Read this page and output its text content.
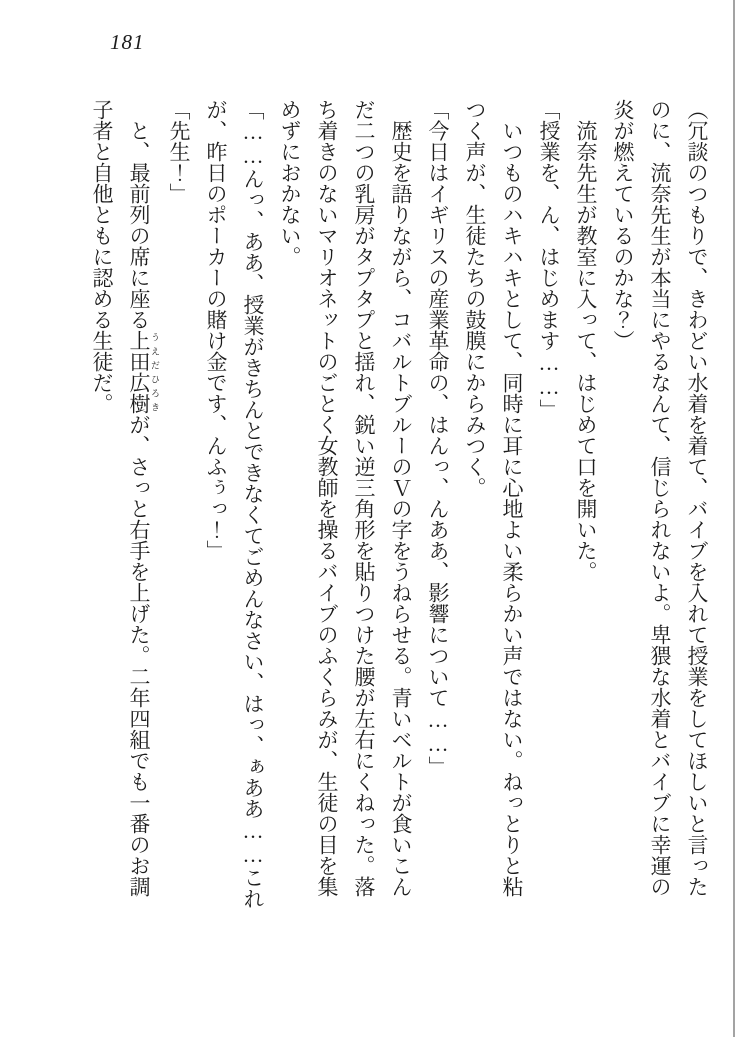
181
（冗談のつもりで、きわどい水着を着て、バイブを入れて授業をしてほしいと言った
のに、流奈先生が本当にやるなんて、信じられないよ。卑猥な水着とバイブに幸運の
炎が燃えているのかな？）
流奈先生が教室に入って、はじめて口を開いた。
「授業を、ん、はじめます……」
いつものハキハキとして、同時に耳に心地よい柔らかい声ではない。ねっとりと粘
つく声が、生徒たちの鼓膜にからみつく。
「今日はイギリスの産業革命の、はんっ、んああ、影響について……」
歴史を語りながら、コバルトブルーのＶの字をうねらせる。青いベルトが食いこん
だ二つの乳房がタプタプと揺れ、鋭い逆三角形を貼りつけた腰が左右にくねった。落
ち着きのないマリオネットのごとく女教師を操るバイブのふくらみが、生徒の目を集
めずにおかない。
「……んっ、ああ、授業がきちんとできなくてごめんなさい、はっ、ぁああ……これ
が、昨日のポーカーの賭け金です、んふぅっ！」
「先生！」
と、最前列の席に座る上田 うえだ広樹 ひろきが、さっと右手を上げた。二年四組でも一番のお調
子者と自他ともに認める生徒だ。
